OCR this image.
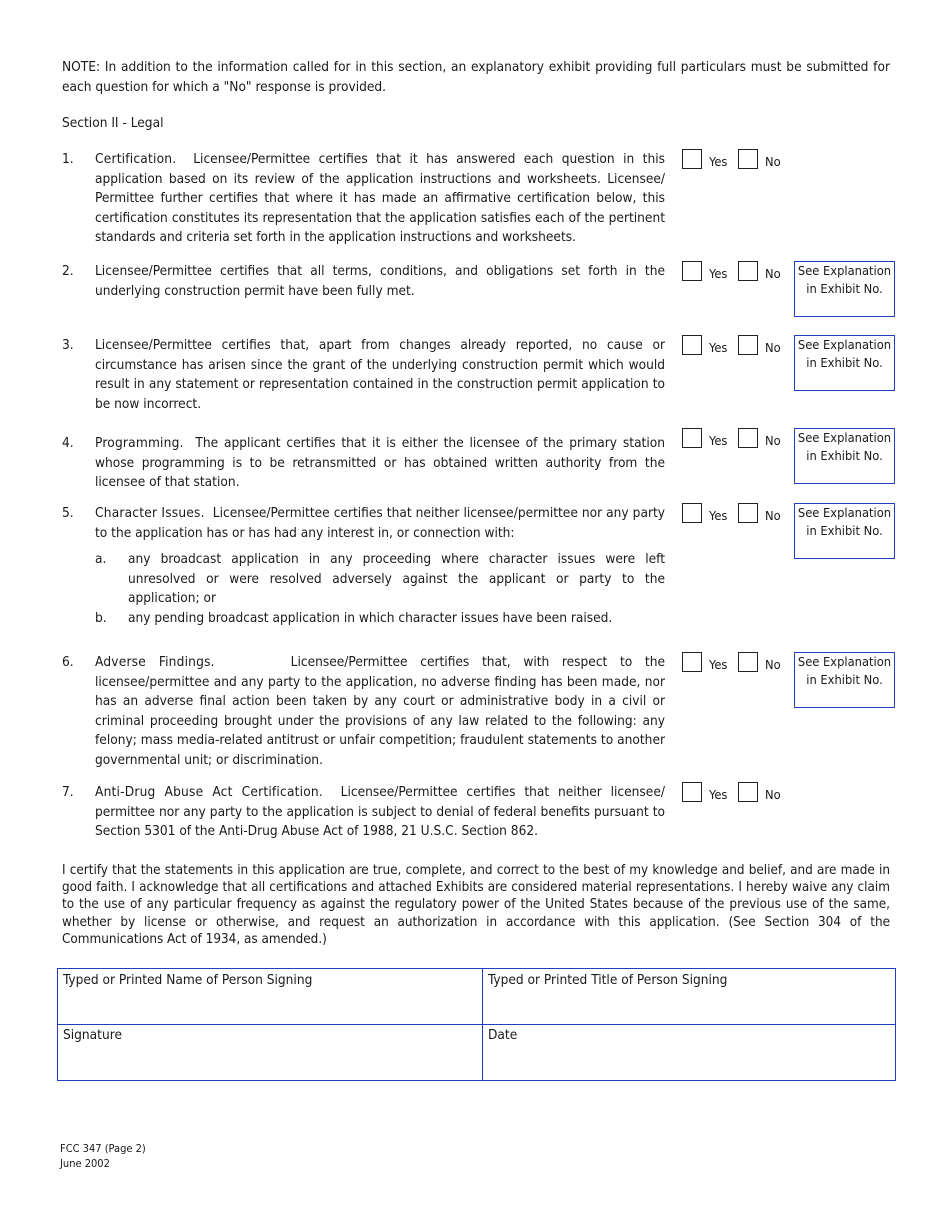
NOTE: In addition to the information called for in this section, an explanatory exhibit providing full particulars must be submitted for each question for which a "No" response is provided.
Section II - Legal
1. Certification. Licensee/Permittee certifies that it has answered each question in this application based on its review of the application instructions and worksheets. Licensee/ Permittee further certifies that where it has made an affirmative certification below, this certification constitutes its representation that the application satisfies each of the pertinent standards and criteria set forth in the application instructions and worksheets.
Yes	No
2. Licensee/Permittee certifies that all terms, conditions, and obligations set forth in the underlying construction permit have been fully met.
Yes	No See Explanation
in Exhibit No.
3. Licensee/Permittee certifies that, apart from changes already reported, no cause or circumstance has arisen since the grant of the underlying construction permit which would result in any statement or representation contained in the construction permit application to be now incorrect.
Yes	No See Explanation
in Exhibit No.
4. Programming. The applicant certifies that it is either the licensee of the primary station whose programming is to be retransmitted or has obtained written authority from the licensee of that station.
Yes	No See Explanation
in Exhibit No.
5. Character Issues. Licensee/Permittee certifies that neither licensee/permittee nor any party to the application has or has had any interest in, or connection with:
a. any broadcast application in any proceeding where character issues were left unresolved or were resolved adversely against the applicant or party to the application; or
b. any pending broadcast application in which character issues have been raised.
Yes	No See Explanation
in Exhibit No.
6. Adverse Findings.	Licensee/Permittee certifies that, with respect to the licensee/permittee and any party to the application, no adverse finding has been made, nor has an adverse final action been taken by any court or administrative body in a civil or criminal proceeding brought under the provisions of any law related to the following: any felony; mass media-related antitrust or unfair competition; fraudulent statements to another governmental unit; or discrimination.
Yes	No See Explanation
in Exhibit No.
7. Anti-Drug Abuse Act Certification. Licensee/Permittee certifies that neither licensee/ permittee nor any party to the application is subject to denial of federal benefits pursuant to Section 5301 of the Anti-Drug Abuse Act of 1988, 21 U.S.C. Section 862.
Yes	No
I certify that the statements in this application are true, complete, and correct to the best of my knowledge and belief, and are made in good faith. I acknowledge that all certifications and attached Exhibits are considered material representations. I hereby waive any claim to the use of any particular frequency as against the regulatory power of the United States because of the previous use of the same, whether by license or otherwise, and request an authorization in accordance with this application. (See Section 304 of the Communications Act of 1934, as amended.)
Typed or Printed Name of Person Signing	Typed or Printed Title of Person Signing
Signature	Date
FCC 347 (Page 2)
June 2002
